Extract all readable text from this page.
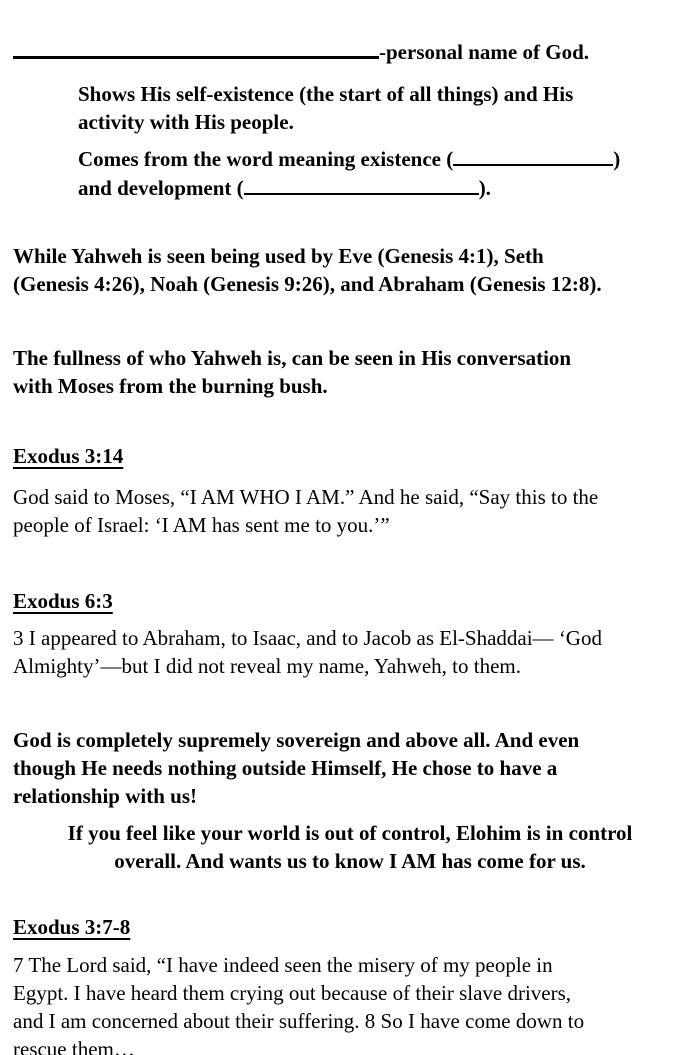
-personal name of God.

Shows His self-existence (the start of all things) and His
activity with His people.
Comes from the word meaning existence (	)
and development (	).
While Yahweh is seen being used by Eve (Genesis 4:1), Seth
(Genesis 4:26), Noah (Genesis 9:26), and Abraham (Genesis 12:8).
The fullness of who Yahweh is, can be seen in His conversation
with Moses from the burning bush.
Exodus 3:14
God said to Moses, “I AM WHO I AM.” And he said, “Say this to the
people of Israel: ‘I AM has sent me to you.’”
Exodus 6:3
3 I appeared to Abraham, to Isaac, and to Jacob as El-Shaddai— ‘God
Almighty’—but I did not reveal my name, Yahweh, to them.
God is completely supremely sovereign and above all. And even
though He needs nothing outside Himself, He chose to have a
relationship with us!
If you feel like your world is out of control, Elohim is in control
overall. And wants us to know I AM has come for us.
Exodus 3:7-8
7 The Lord said, “I have indeed seen the misery of my people in
Egypt. I have heard them crying out because of their slave drivers,
and I am concerned about their suffering. 8 So I have come down to
rescue them…
